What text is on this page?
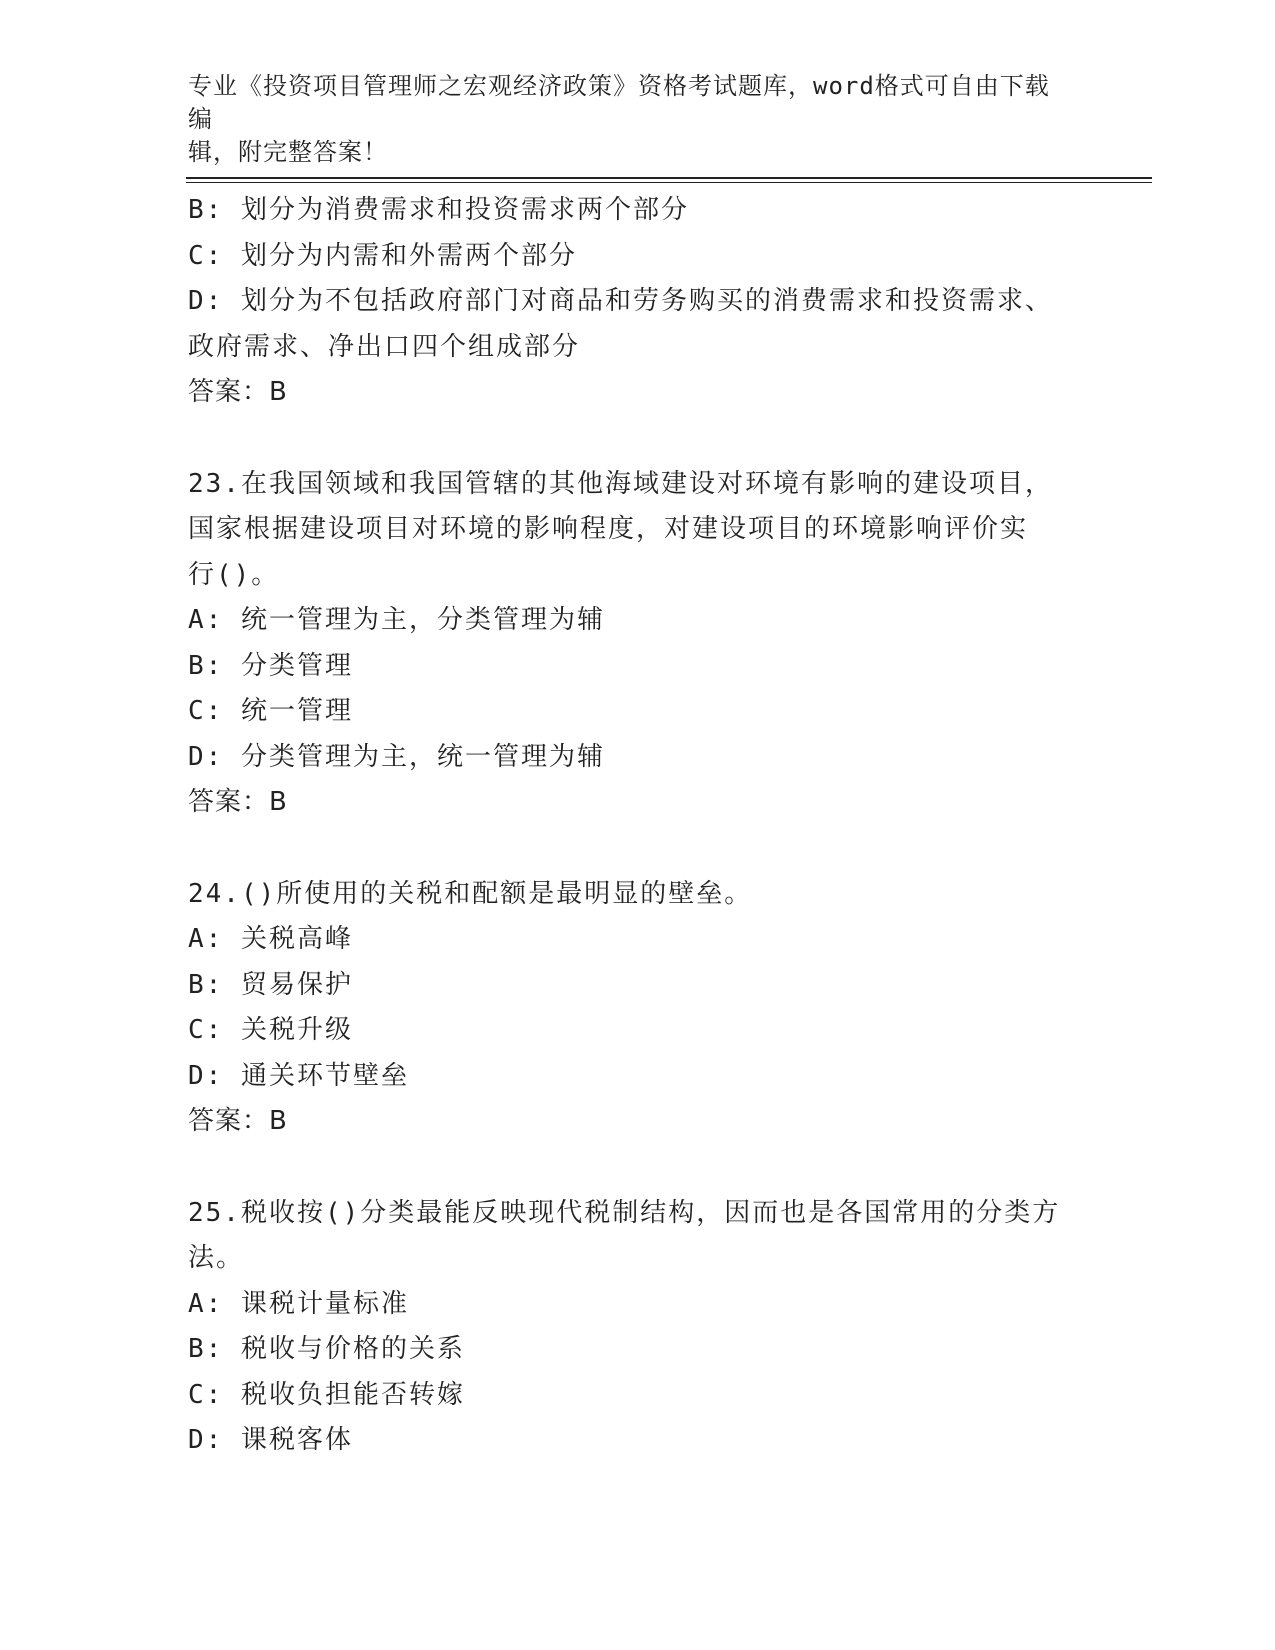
专业《投资项目管理师之宏观经济政策》资格考试题库，word格式可自由下载编
辑，附完整答案！
B: 划分为消费需求和投资需求两个部分
C: 划分为内需和外需两个部分
D: 划分为不包括政府部门对商品和劳务购买的消费需求和投资需求、
政府需求、净出口四个组成部分
答案：B
23.在我国领域和我国管辖的其他海域建设对环境有影响的建设项目，
国家根据建设项目对环境的影响程度，对建设项目的环境影响评价实
行()。
A: 统一管理为主，分类管理为辅
B: 分类管理
C: 统一管理
D: 分类管理为主，统一管理为辅
答案：B
24.()所使用的关税和配额是最明显的壁垒。
A: 关税高峰
B: 贸易保护
C: 关税升级
D: 通关环节壁垒
答案：B
25.税收按()分类最能反映现代税制结构，因而也是各国常用的分类方
法。
A: 课税计量标准
B: 税收与价格的关系
C: 税收负担能否转嫁
D: 课税客体
